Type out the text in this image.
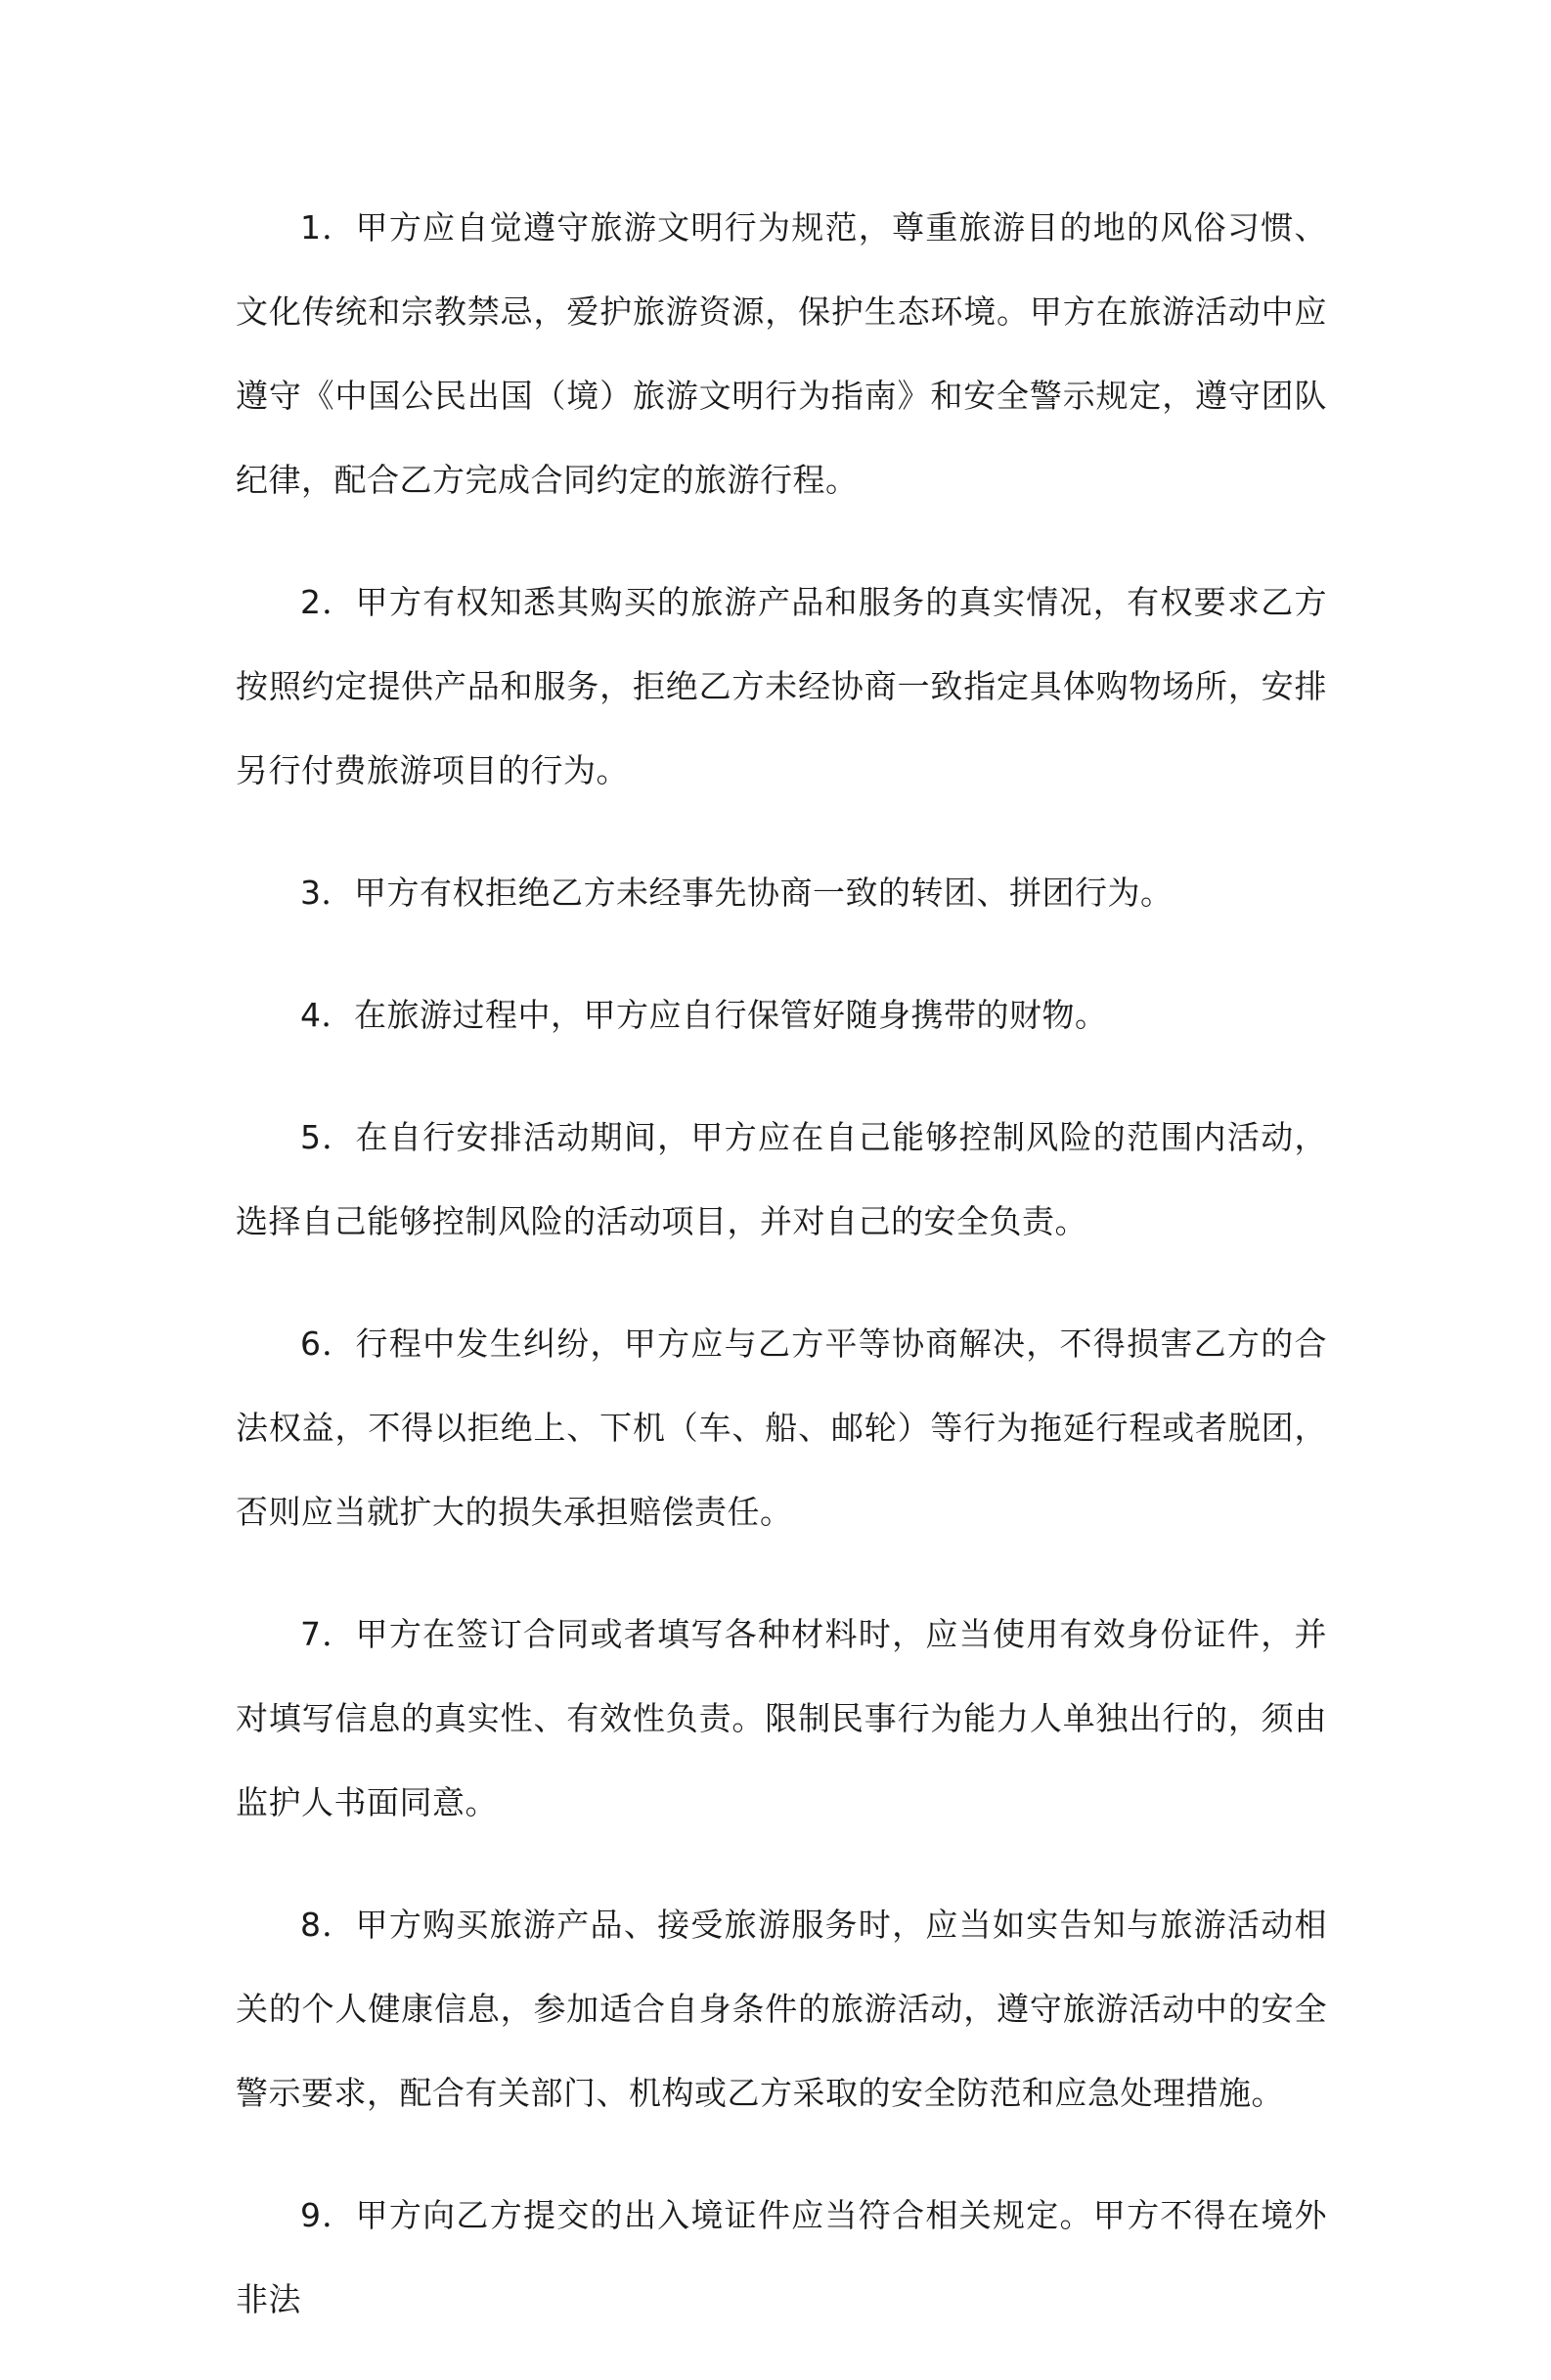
1．甲方应自觉遵守旅游文明行为规范，尊重旅游目的地的风俗习惯、文化传统和宗教禁忌，爱护旅游资源，保护生态环境。甲方在旅游活动中应遵守《中国公民出国（境）旅游文明行为指南》和安全警示规定，遵守团队纪律，配合乙方完成合同约定的旅游行程。

2．甲方有权知悉其购买的旅游产品和服务的真实情况，有权要求乙方按照约定提供产品和服务，拒绝乙方未经协商一致指定具体购物场所，安排另行付费旅游项目的行为。

3．甲方有权拒绝乙方未经事先协商一致的转团、拼团行为。

4．在旅游过程中，甲方应自行保管好随身携带的财物。

5．在自行安排活动期间，甲方应在自己能够控制风险的范围内活动，选择自己能够控制风险的活动项目，并对自己的安全负责。

6．行程中发生纠纷，甲方应与乙方平等协商解决，不得损害乙方的合法权益，不得以拒绝上、下机（车、船、邮轮）等行为拖延行程或者脱团，否则应当就扩大的损失承担赔偿责任。

7．甲方在签订合同或者填写各种材料时，应当使用有效身份证件，并对填写信息的真实性、有效性负责。限制民事行为能力人单独出行的，须由监护人书面同意。

8．甲方购买旅游产品、接受旅游服务时，应当如实告知与旅游活动相关的个人健康信息，参加适合自身条件的旅游活动，遵守旅游活动中的安全警示要求，配合有关部门、机构或乙方采取的安全防范和应急处理措施。

9．甲方向乙方提交的出入境证件应当符合相关规定。甲方不得在境外非法
